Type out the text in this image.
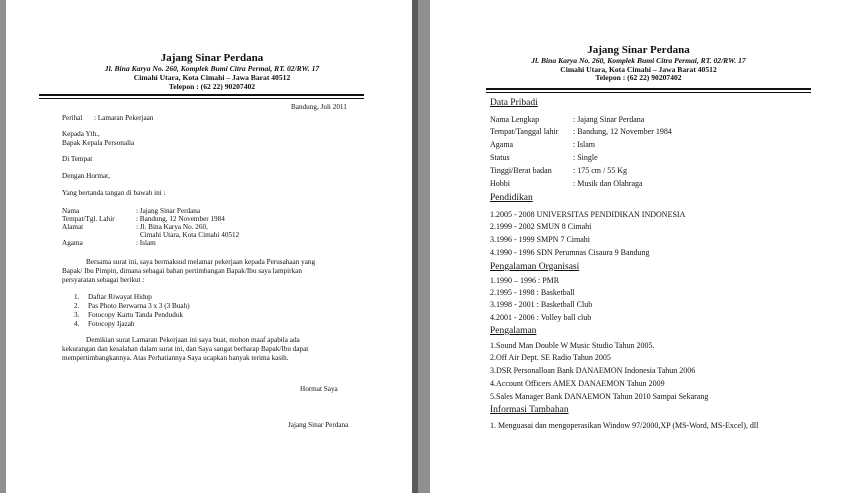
Jajang Sinar Perdana
Jl. Bina Karya No. 260, Komplek Bumi Citra Permai, RT. 02/RW. 17
Cimahi Utara, Kota Cimahi – Jawa Barat 40512
Telepon : (62 22) 90207402
Bandung, Juli 2011
Perihal : Lamaran Pekerjaan
Kepada Yth.,
Bapak Kepala Personalia
Di Tempat
Dengan Hormat,
Yang bertanda tangan di bawah ini :
Nama	: Jajang Sinar Perdana
Tempat/Tgl. Lahir	: Bandung, 12 November 1984
Alamat	: Jl. Bina Karya No. 260,
Cimahi Utara, Kota Cimahi 40512
Agama	: Islam
Bersama surat ini, saya bermaksud melamar pekerjaan kepada Perusahaan yang
Bapak/ Ibu Pimpin, dimana sebagai bahan pertimbangan Bapak/Ibu saya lampirkan
persyaratan sebagai berikut :
1. Daftar Riwayat Hidup
2. Pas Photo Berwarna 3 x 3 (3 Buah)
3. Fotocopy Kartu Tanda Penduduk
4. Fotocopy Ijazah
Demikian surat Lamaran Pekerjaan ini saya buat, mohon maaf apabila ada
kekurangan dan kesalahan dalam surat ini, dan Saya sangat berharap Bapak/Ibu dapat
mempertimbangkannya. Atas Perhatiannya Saya ucapkan banyak terima kasih.
Hormat Saya
Jajang Sinar Perdana
Jajang Sinar Perdana
Jl. Bina Karya No. 260, Komplek Bumi Citra Permai, RT. 02/RW. 17
Cimahi Utara, Kota Cimahi – Jawa Barat 40512
Telepon : (62 22) 90207402
Data Pribadi
Nama Lengkap	: Jajang Sinar Perdana
Tempat/Tanggal lahir : Bandung, 12 November 1984
Agama	: Islam
Status	: Single
Tinggi/Berat badan	: 175 cm / 55 Kg
Hobbi	: Musik dan Olahraga
Pendidikan
1.2005 - 2008 UNIVERSITAS PENDIDIKAN INDONESIA
2.1999 - 2002 SMUN 8 Cimahi
3.1996 - 1999 SMPN 7 Cimahi
4.1990 - 1996 SDN Perumnas Cisaura 9 Bandung
Pengalaman Organisasi
1.1990 – 1996 : PMR
2.1995 - 1998 : Basketball
3.1998 - 2001 : Basketball Club
4.2001 - 2006 : Volley ball club
Pengalaman
1.Sound Man Double W Music Studio Tahun 2005.
2.Off Air Dept. SE Radio Tahun 2005
3.DSR Personalloan Bank DANAEMON Indonesia Tahun 2006
4.Account Officers AMEX DANAEMON Tahun 2009
5.Sales Manager Bank DANAEMON Tahun 2010 Sampai Sekarang
Informasi Tambahan
1. Menguasai dan mengoperasikan Window 97/2000,XP (MS-Word, MS-Excel), dll
